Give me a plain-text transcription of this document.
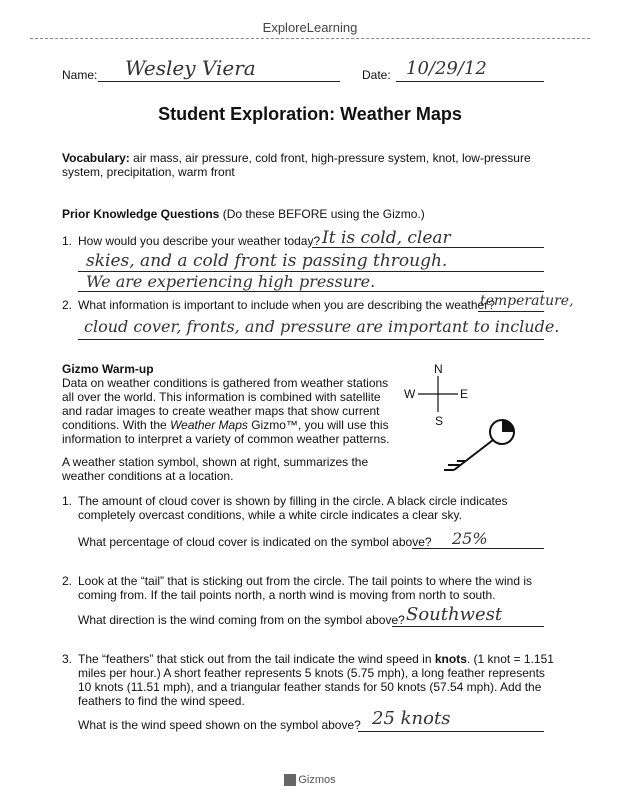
ExploreLearning
Name: Wesley Viera	Date: 10/29/12
Student Exploration: Weather Maps
Vocabulary: air mass, air pressure, cold front, high-pressure system, knot, low-pressure system, precipitation, warm front
Prior Knowledge Questions (Do these BEFORE using the Gizmo.)
1. How would you describe your weather today? It is cold, clear
skies, and a cold front is passing through.
We are experiencing high pressure.
2. What information is important to include when you are describing the weather?
temperature,
cloud cover, fronts, and pressure are important to include.
Gizmo Warm-up
Data on weather conditions is gathered from weather stations
all over the world. This information is combined with satellite
and radar images to create weather maps that show current
conditions. With the Weather Maps Gizmo™, you will use this
information to interpret a variety of common weather patterns.
A weather station symbol, shown at right, summarizes the
weather conditions at a location.
N
S
E
W
1. The amount of cloud cover is shown by filling in the circle. A black circle indicates
completely overcast conditions, while a white circle indicates a clear sky.
What percentage of cloud cover is indicated on the symbol above? 25%
2. Look at the “tail” that is sticking out from the circle. The tail points to where the wind is
coming from. If the tail points north, a north wind is moving from north to south.
What direction is the wind coming from on the symbol above? Southwest
3. The “feathers” that stick out from the tail indicate the wind speed in knots. (1 knot = 1.151
miles per hour.) A short feather represents 5 knots (5.75 mph), a long feather represents
10 knots (11.51 mph), and a triangular feather stands for 50 knots (57.54 mph). Add the
feathers to find the wind speed.
What is the wind speed shown on the symbol above? 25 knots
Gizmos
